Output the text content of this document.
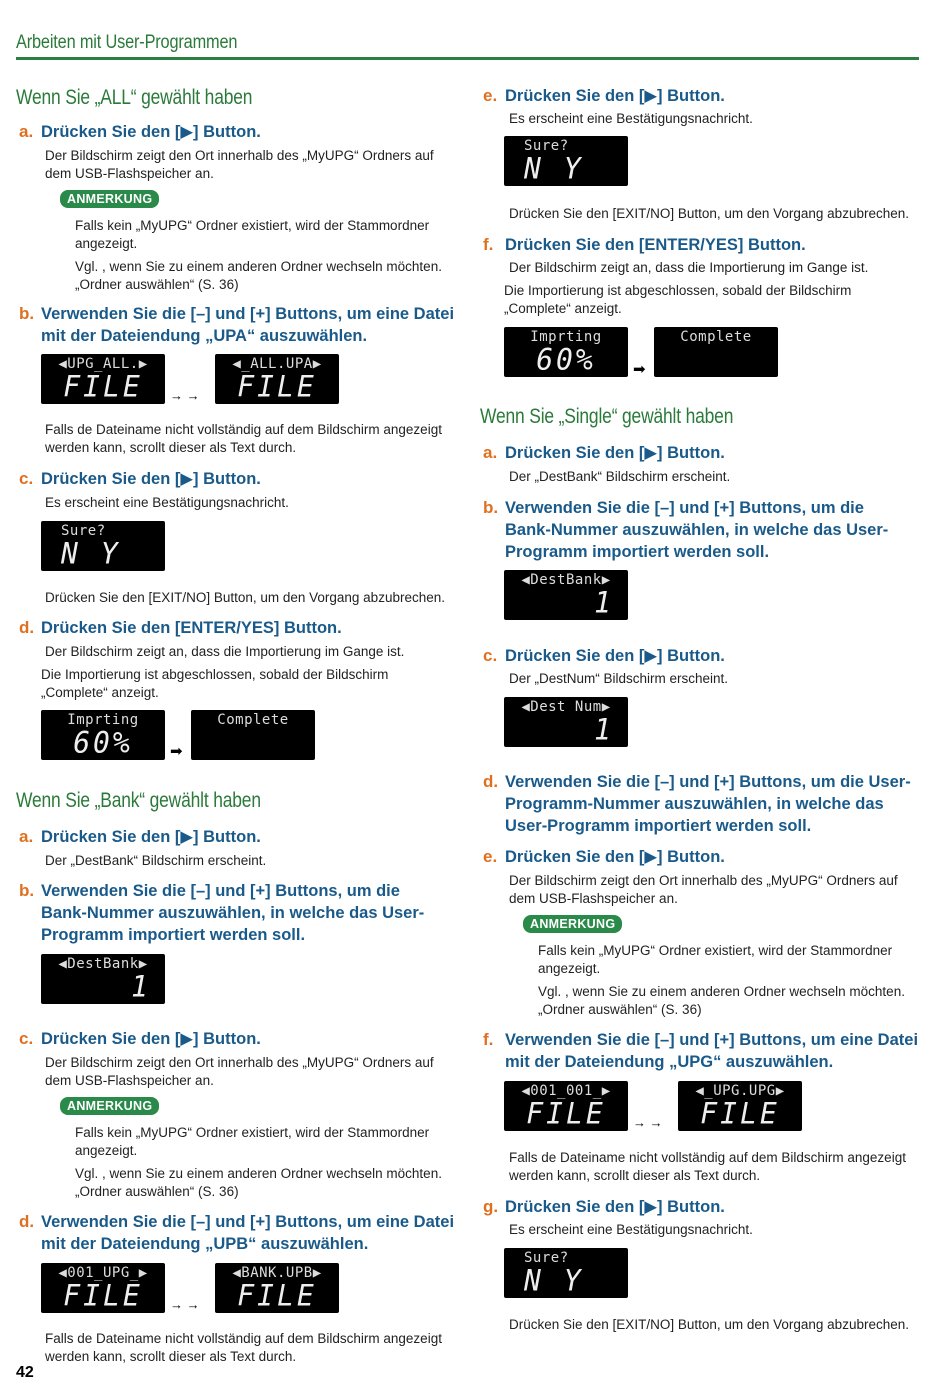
Arbeiten mit User-Programmen
Wenn Sie „ALL“ gewählt haben
a. Drücken Sie den [▶] Button.
Der Bildschirm zeigt den Ort innerhalb des „MyUPG“ Ordners auf dem USB-Flashspeicher an.
ANMERKUNG
Falls kein „MyUPG“ Ordner existiert, wird der Stammordner angezeigt.
Vgl. , wenn Sie zu einem anderen Ordner wechseln möchten. „Ordner auswählen“ (S. 36)
b. Verwenden Sie die [–] und [+] Buttons, um eine Datei mit der Dateiendung „UPA“ auszuwählen.
◀UPG_ALL.▶
FILE	→ →
◀_ALL.UPA▶
FILE
Falls de Dateiname nicht vollständig auf dem Bildschirm angezeigt werden kann, scrollt dieser als Text durch.
c. Drücken Sie den [▶] Button.
Es erscheint eine Bestätigungsnachricht.
Sure?
N Y
Drücken Sie den [EXIT/NO] Button, um den Vorgang abzubrechen.
d. Drücken Sie den [ENTER/YES] Button.
Der Bildschirm zeigt an, dass die Importierung im Gange ist.
Die Importierung ist abgeschlossen, sobald der Bildschirm „Complete“ anzeigt.
Imprting
60%	➡
Complete
Wenn Sie „Bank“ gewählt haben
a. Drücken Sie den [▶] Button.
Der „DestBank“ Bildschirm erscheint.
b. Verwenden Sie die [–] und [+] Buttons, um die Bank-Nummer auszuwählen, in welche das User-Programm importiert werden soll.
◀DestBank▶
1
c. Drücken Sie den [▶] Button.
Der Bildschirm zeigt den Ort innerhalb des „MyUPG“ Ordners auf dem USB-Flashspeicher an.
ANMERKUNG
Falls kein „MyUPG“ Ordner existiert, wird der Stammordner angezeigt.
Vgl. , wenn Sie zu einem anderen Ordner wechseln möchten. „Ordner auswählen“ (S. 36)
d. Verwenden Sie die [–] und [+] Buttons, um eine Datei mit der Dateiendung „UPB“ auszuwählen.
◀001_UPG_▶
FILE	→ →
◀BANK.UPB▶
FILE
Falls de Dateiname nicht vollständig auf dem Bildschirm angezeigt werden kann, scrollt dieser als Text durch.
e. Drücken Sie den [▶] Button.
Es erscheint eine Bestätigungsnachricht.
Sure?
N Y
Drücken Sie den [EXIT/NO] Button, um den Vorgang abzubrechen.
f. Drücken Sie den [ENTER/YES] Button.
Der Bildschirm zeigt an, dass die Importierung im Gange ist.
Die Importierung ist abgeschlossen, sobald der Bildschirm „Complete“ anzeigt.
Imprting
60%	➡
Complete
Wenn Sie „Single“ gewählt haben
a. Drücken Sie den [▶] Button.
Der „DestBank“ Bildschirm erscheint.
b. Verwenden Sie die [–] und [+] Buttons, um die Bank-Nummer auszuwählen, in welche das User-Programm importiert werden soll.
◀DestBank▶
1
c. Drücken Sie den [▶] Button.
Der „DestNum“ Bildschirm erscheint.
◀Dest Num▶
1
d. Verwenden Sie die [–] und [+] Buttons, um die User-Programm-Nummer auszuwählen, in welche das User-Programm importiert werden soll.
e. Drücken Sie den [▶] Button.
Der Bildschirm zeigt den Ort innerhalb des „MyUPG“ Ordners auf dem USB-Flashspeicher an.
ANMERKUNG
Falls kein „MyUPG“ Ordner existiert, wird der Stammordner angezeigt.
Vgl. , wenn Sie zu einem anderen Ordner wechseln möchten. „Ordner auswählen“ (S. 36)
f. Verwenden Sie die [–] und [+] Buttons, um eine Datei mit der Dateiendung „UPG“ auszuwählen.
◀001_001_▶
FILE	→ →
◀_UPG.UPG▶
FILE
Falls de Dateiname nicht vollständig auf dem Bildschirm angezeigt werden kann, scrollt dieser als Text durch.
g. Drücken Sie den [▶] Button.
Es erscheint eine Bestätigungsnachricht.
Sure?
N Y
Drücken Sie den [EXIT/NO] Button, um den Vorgang abzubrechen.
42
